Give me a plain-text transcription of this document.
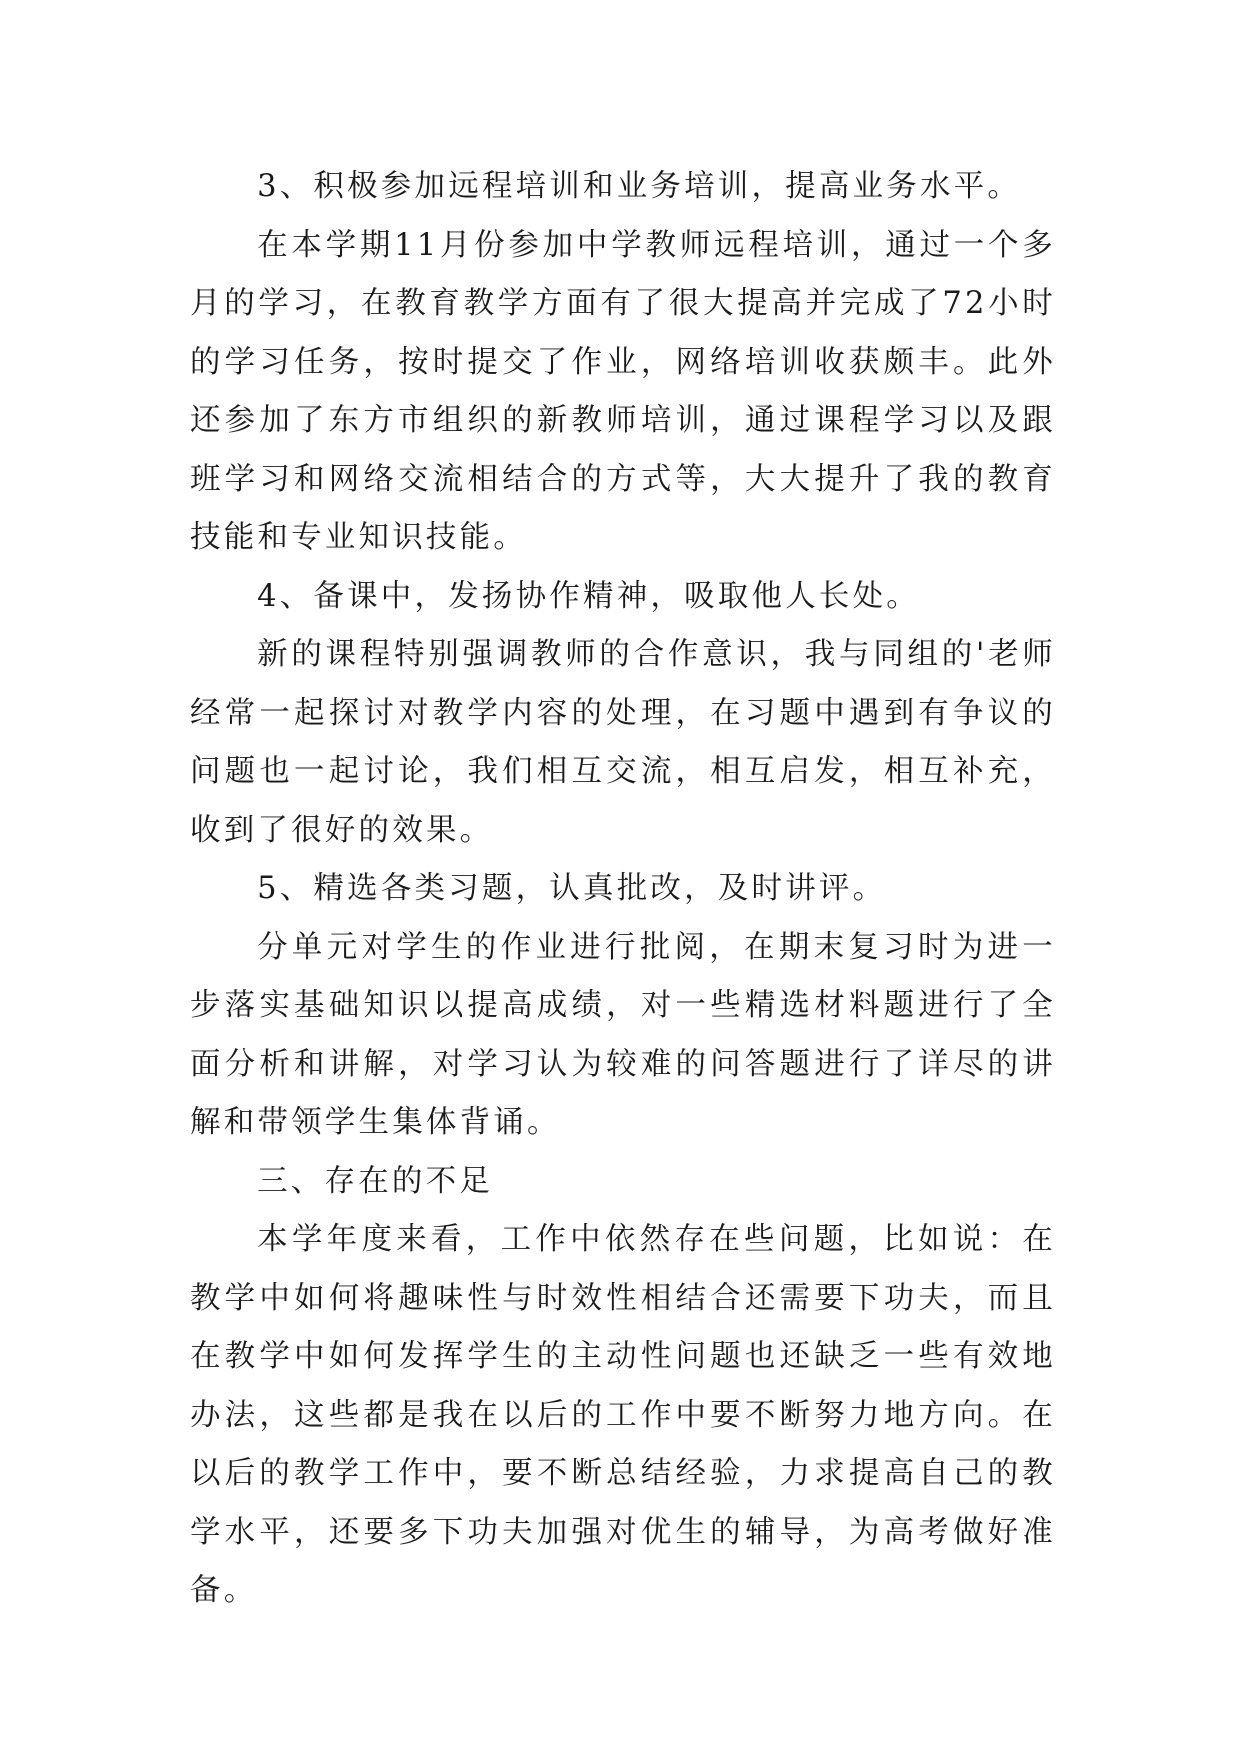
3、积极参加远程培训和业务培训，提高业务水平。

在本学期11月份参加中学教师远程培训，通过一个多月的学习，在教育教学方面有了很大提高并完成了72小时的学习任务，按时提交了作业，网络培训收获颇丰。此外还参加了东方市组织的新教师培训，通过课程学习以及跟班学习和网络交流相结合的方式等，大大提升了我的教育技能和专业知识技能。

4、备课中，发扬协作精神，吸取他人长处。

新的课程特别强调教师的合作意识，我与同组的'老师经常一起探讨对教学内容的处理，在习题中遇到有争议的问题也一起讨论，我们相互交流，相互启发，相互补充，收到了很好的效果。

5、精选各类习题，认真批改，及时讲评。

分单元对学生的作业进行批阅，在期末复习时为进一步落实基础知识以提高成绩，对一些精选材料题进行了全面分析和讲解，对学习认为较难的问答题进行了详尽的讲解和带领学生集体背诵。

三、存在的不足

本学年度来看，工作中依然存在些问题，比如说：在教学中如何将趣味性与时效性相结合还需要下功夫，而且在教学中如何发挥学生的主动性问题也还缺乏一些有效地办法，这些都是我在以后的工作中要不断努力地方向。在以后的教学工作中，要不断总结经验，力求提高自己的教学水平，还要多下功夫加强对优生的辅导，为高考做好准备。
